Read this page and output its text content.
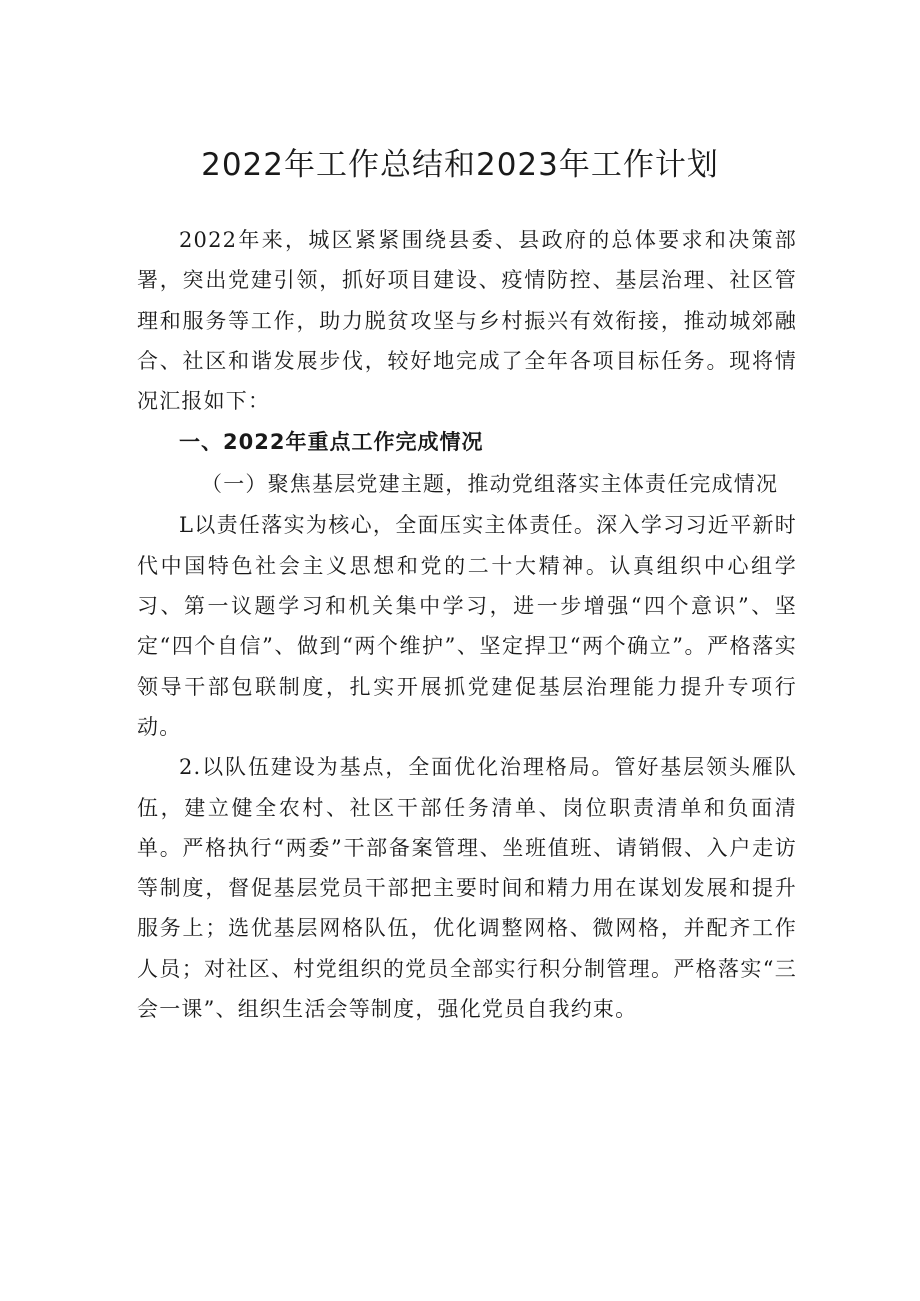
2022年工作总结和2023年工作计划

2022年来，城区紧紧围绕县委、县政府的总体要求和决策部署，突出党建引领，抓好项目建设、疫情防控、基层治理、社区管理和服务等工作，助力脱贫攻坚与乡村振兴有效衔接，推动城郊融合、社区和谐发展步伐，较好地完成了全年各项目标任务。现将情况汇报如下：

一、2022年重点工作完成情况

（一）聚焦基层党建主题，推动党组落实主体责任完成情况

L以责任落实为核心，全面压实主体责任。深入学习习近平新时代中国特色社会主义思想和党的二十大精神。认真组织中心组学习、第一议题学习和机关集中学习，进一步增强“四个意识”、坚定“四个自信”、做到“两个维护”、坚定捍卫“两个确立”。严格落实领导干部包联制度，扎实开展抓党建促基层治理能力提升专项行动。

2.以队伍建设为基点，全面优化治理格局。管好基层领头雁队伍，建立健全农村、社区干部任务清单、岗位职责清单和负面清单。严格执行“两委”干部备案管理、坐班值班、请销假、入户走访等制度，督促基层党员干部把主要时间和精力用在谋划发展和提升服务上；选优基层网格队伍，优化调整网格、微网格，并配齐工作人员；对社区、村党组织的党员全部实行积分制管理。严格落实“三会一课”、组织生活会等制度，强化党员自我约束。
